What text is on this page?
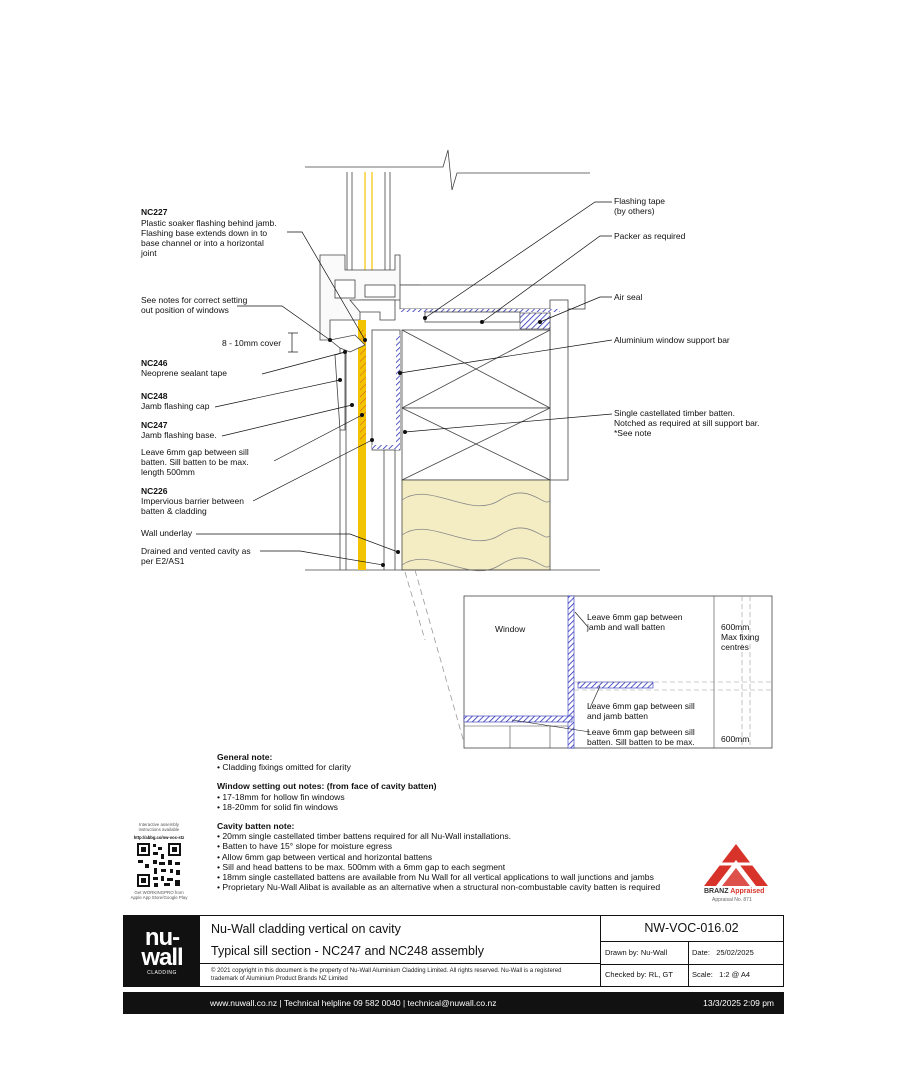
NC227
Plastic soaker flashing behind jamb.
Flashing base extends down in to
base channel or into a horizontal
joint
See notes for correct setting
out position of windows
8 - 10mm cover
NC246
Neoprene sealant tape
NC248
Jamb flashing cap
NC247
Jamb flashing base.
Leave 6mm gap between sill
batten. Sill batten to be max.
length 500mm
NC226
Impervious barrier between
batten & cladding
Wall underlay
Drained and vented cavity as
per E2/AS1
Flashing tape
(by others)
Packer as required
Air seal
Aluminium window support bar
Single castellated timber batten.
Notched as required at sill support bar.
*See note
Window
Leave 6mm gap between
jamb and wall batten	600mm
Max fixing
centres
Leave 6mm gap between sill
and jamb batten
Leave 6mm gap between sill
batten. Sill batten to be max.	600mm
General note:
• Cladding fixings omitted for clarity
Window setting out notes: (from face of cavity batten)
• 17-18mm for hollow fin windows
• 18-20mm for solid fin windows
Cavity batten note:
• 20mm single castellated timber battens required for all Nu-Wall installations.
• Batten to have 15° slope for moisture egress
• Allow 6mm gap between vertical and horizontal battens
• Sill and head battens to be max. 500mm with a 6mm gap to each segment
• 18mm single castellated battens are available from Nu Wall for all vertical applications to wall junctions and jambs
• Proprietary Nu-Wall Alibat is available as an alternative when a structural non-combustable cavity batten is required
Interactive assembly instructions available
http://abbg.co/nw-voc-stz
Get WORKINGPRO from Apple App Store/Google Play
BRANZ Appraised
Appraisal No. 871
nu-
wall
CLADDING
Nu-Wall cladding vertical on cavity
Typical sill section - NC247 and NC248 assembly
© 2021 copyright in this document is the property of Nu-Wall Aluminium Cladding Limited. All rights reserved. Nu-Wall is a registered trademark of Aluminium Product Brands NZ Limited
NW-VOC-016.02
Drawn by: Nu-Wall	Date: 25/02/2025
Checked by: RL, GT	Scale: 1:2 @ A4
www.nuwall.co.nz | Technical helpline 09 582 0040 | technical@nuwall.co.nz	13/3/2025 2:09 pm
